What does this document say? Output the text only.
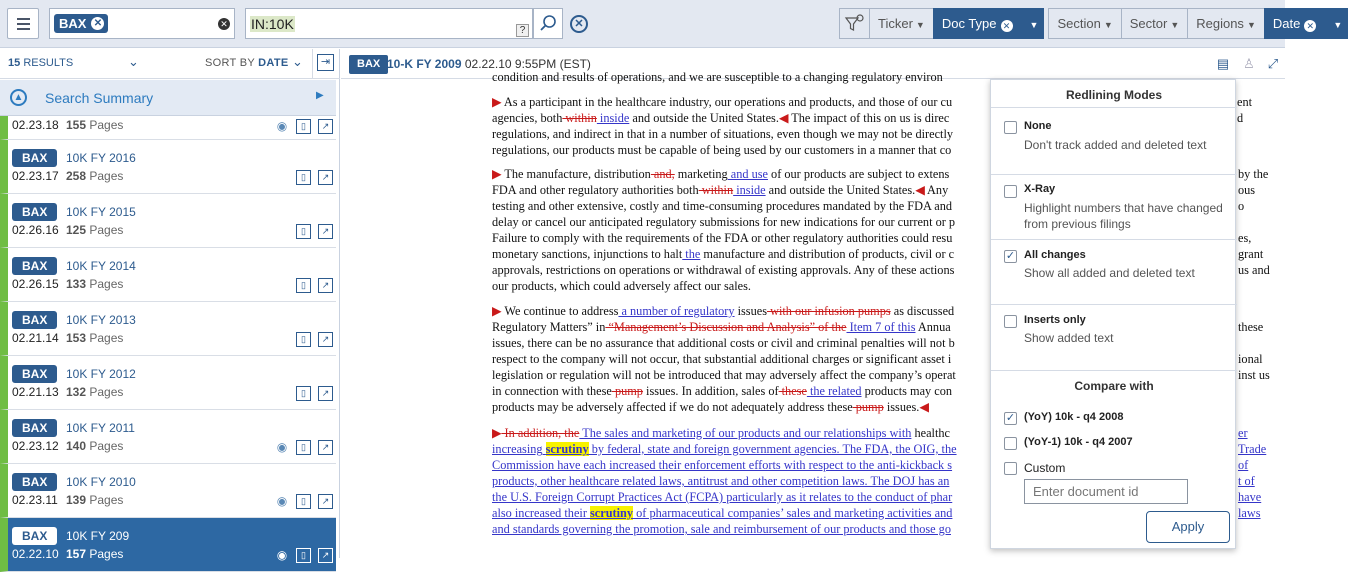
BAX ✕	✕ IN:10K	?
✕	Ticker ▼	Doc Type ✕	▼	Section ▼	Sector ▼	Regions ▼	Date ✕	▼
15 RESULTS	⌄	SORT BY DATE ⌄	⇥
▲ Search Summary	▶
02.23.18 155 Pages	◉	▯	↗
BAX	10K FY 2016
02.23.17 258 Pages	▯	↗
BAX	10K FY 2015
02.26.16 125 Pages	▯	↗
BAX	10K FY 2014
02.26.15 133 Pages	▯	↗
BAX	10K FY 2013
02.21.14 153 Pages	▯	↗
BAX	10K FY 2012
02.21.13 132 Pages	▯	↗
BAX	10K FY 2011
02.23.12 140 Pages	◉	▯	↗
BAX	10K FY 2010
02.23.11 139 Pages	◉	▯	↗
BAX	10K FY 209
02.22.10 157 Pages	◉	▯	↗
BAX 10-K FY 2009 02.22.10 9:55PM (EST)	▤	♙ ⤢
condition and results of operations, and we are susceptible to a changing regulatory environ
▶ As a participant in the healthcare industry, our operations and products, and those of our cu
agencies, both within inside and outside the United States.◀ The impact of this on us is direc
regulations, and indirect in that in a number of situations, even though we may not be directly
regulations, our products must be capable of being used by our customers in a manner that co
▶ The manufacture, distribution and, marketing and use of our products are subject to extens
FDA and other regulatory authorities both within inside and outside the United States.◀ Any
testing and other extensive, costly and time-consuming procedures mandated by the FDA and
delay or cancel our anticipated regulatory submissions for new indications for our current or p
Failure to comply with the requirements of the FDA or other regulatory authorities could resu
monetary sanctions, injunctions to halt the manufacture and distribution of products, civil or c
approvals, restrictions on operations or withdrawal of existing approvals. Any of these actions
our products, which could adversely affect our sales.
▶ We continue to address a number of regulatory issues with our infusion pumps as discussed
Regulatory Matters” in “Management’s Discussion and Analysis” of the Item 7 of this Annua
issues, there can be no assurance that additional costs or civil and criminal penalties will not b
respect to the company will not occur, that substantial additional charges or significant asset i
legislation or regulation will not be introduced that may adversely affect the company’s operat
in connection with these pump issues. In addition, sales of these the related products may con
products may be adversely affected if we do not adequately address these pump issues.◀
▶ In addition, the The sales and marketing of our products and our relationships with healthc
increasing scrutiny by federal, state and foreign government agencies. The FDA, the OIG, the
Commission have each increased their enforcement efforts with respect to the anti-kickback s
products, other healthcare related laws, antitrust and other competition laws. The DOJ has an
the U.S. Foreign Corrupt Practices Act (FCPA) particularly as it relates to the conduct of phar
also increased their scrutiny of pharmaceutical companies’ sales and marketing activities and
and standards governing the promotion, sale and reimbursement of our products and those go
ent
d
by the
ous
o
es,
grant
us and
these
ional
inst us
er
Trade
of
t of
have
laws
Redlining Modes
None
Don't track added and deleted text
X-Ray
Highlight numbers that have changed from previous filings
✓ All changes
Show all added and deleted text
Inserts only
Show added text
Compare with
✓ (YoY) 10k - q4 2008
(YoY-1) 10k - q4 2007
Custom
Enter document id
Apply
